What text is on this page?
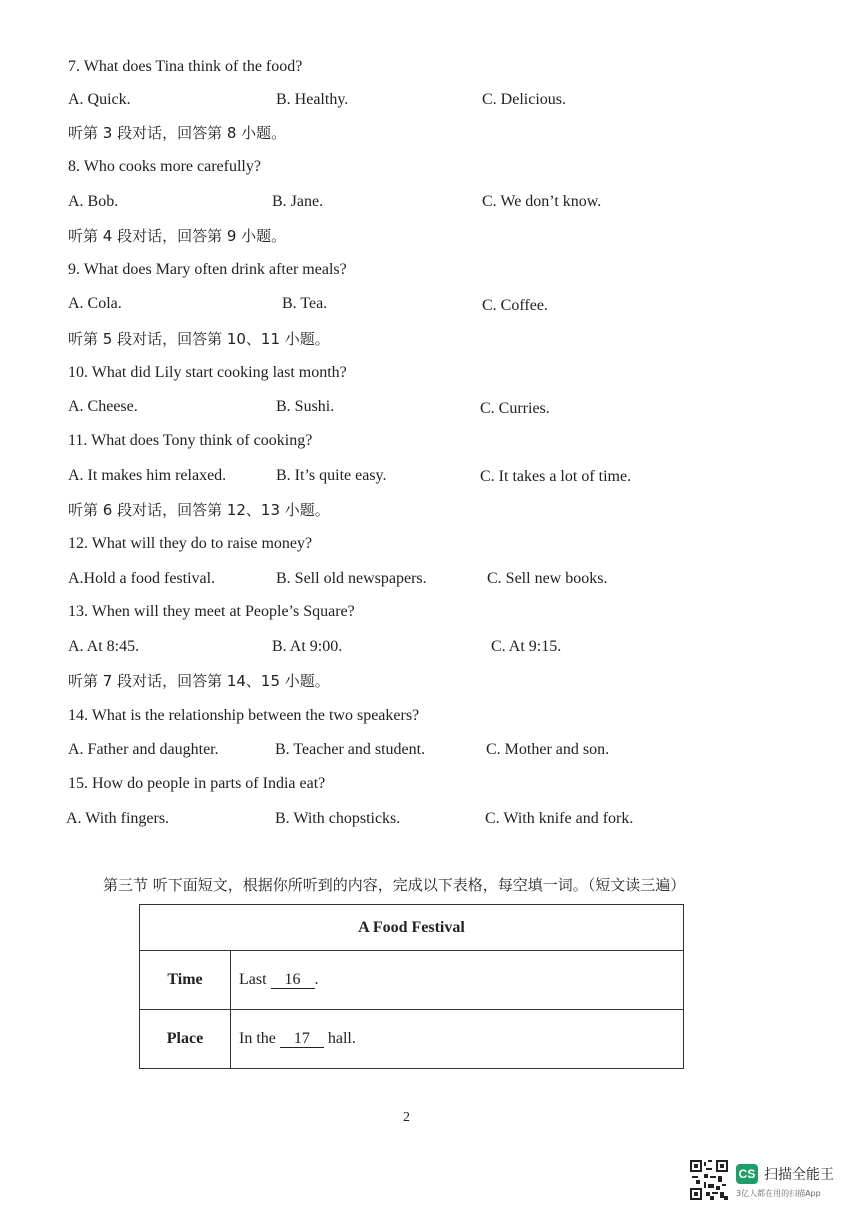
7. What does Tina think of the food?
A. Quick.	B. Healthy.	C. Delicious.
听第 3 段对话，回答第 8 小题。
8. Who cooks more carefully?
A. Bob.	B. Jane.	C. We don’t know.
听第 4 段对话，回答第 9 小题。
9. What does Mary often drink after meals?
A. Cola.	B. Tea.	C. Coffee.
听第 5 段对话，回答第 10、11 小题。
10. What did Lily start cooking last month?
A. Cheese.	B. Sushi.	C. Curries.
11. What does Tony think of cooking?
A. It makes him relaxed.	B. It’s quite easy.	C. It takes a lot of time.
听第 6 段对话，回答第 12、13 小题。
12. What will they do to raise money?
A.Hold a food festival.	B. Sell old newspapers.	C. Sell new books.
13. When will they meet at People’s Square?
A. At 8:45.	B. At 9:00.	C. At 9:15.
听第 7 段对话，回答第 14、15 小题。
14. What is the relationship between the two speakers?
A. Father and daughter.	B. Teacher and student.	C. Mother and son.
15. How do people in parts of India eat?
A. With fingers.	B. With chopsticks.	C. With knife and fork.
第三节 听下面短文，根据你所听到的内容，完成以下表格，每空填一词。（短文读三遍）
A Food Festival	
Time	Last 16 .
Place	In the 17 hall.
2
CS 扫描全能王
3亿人都在用的扫描App
